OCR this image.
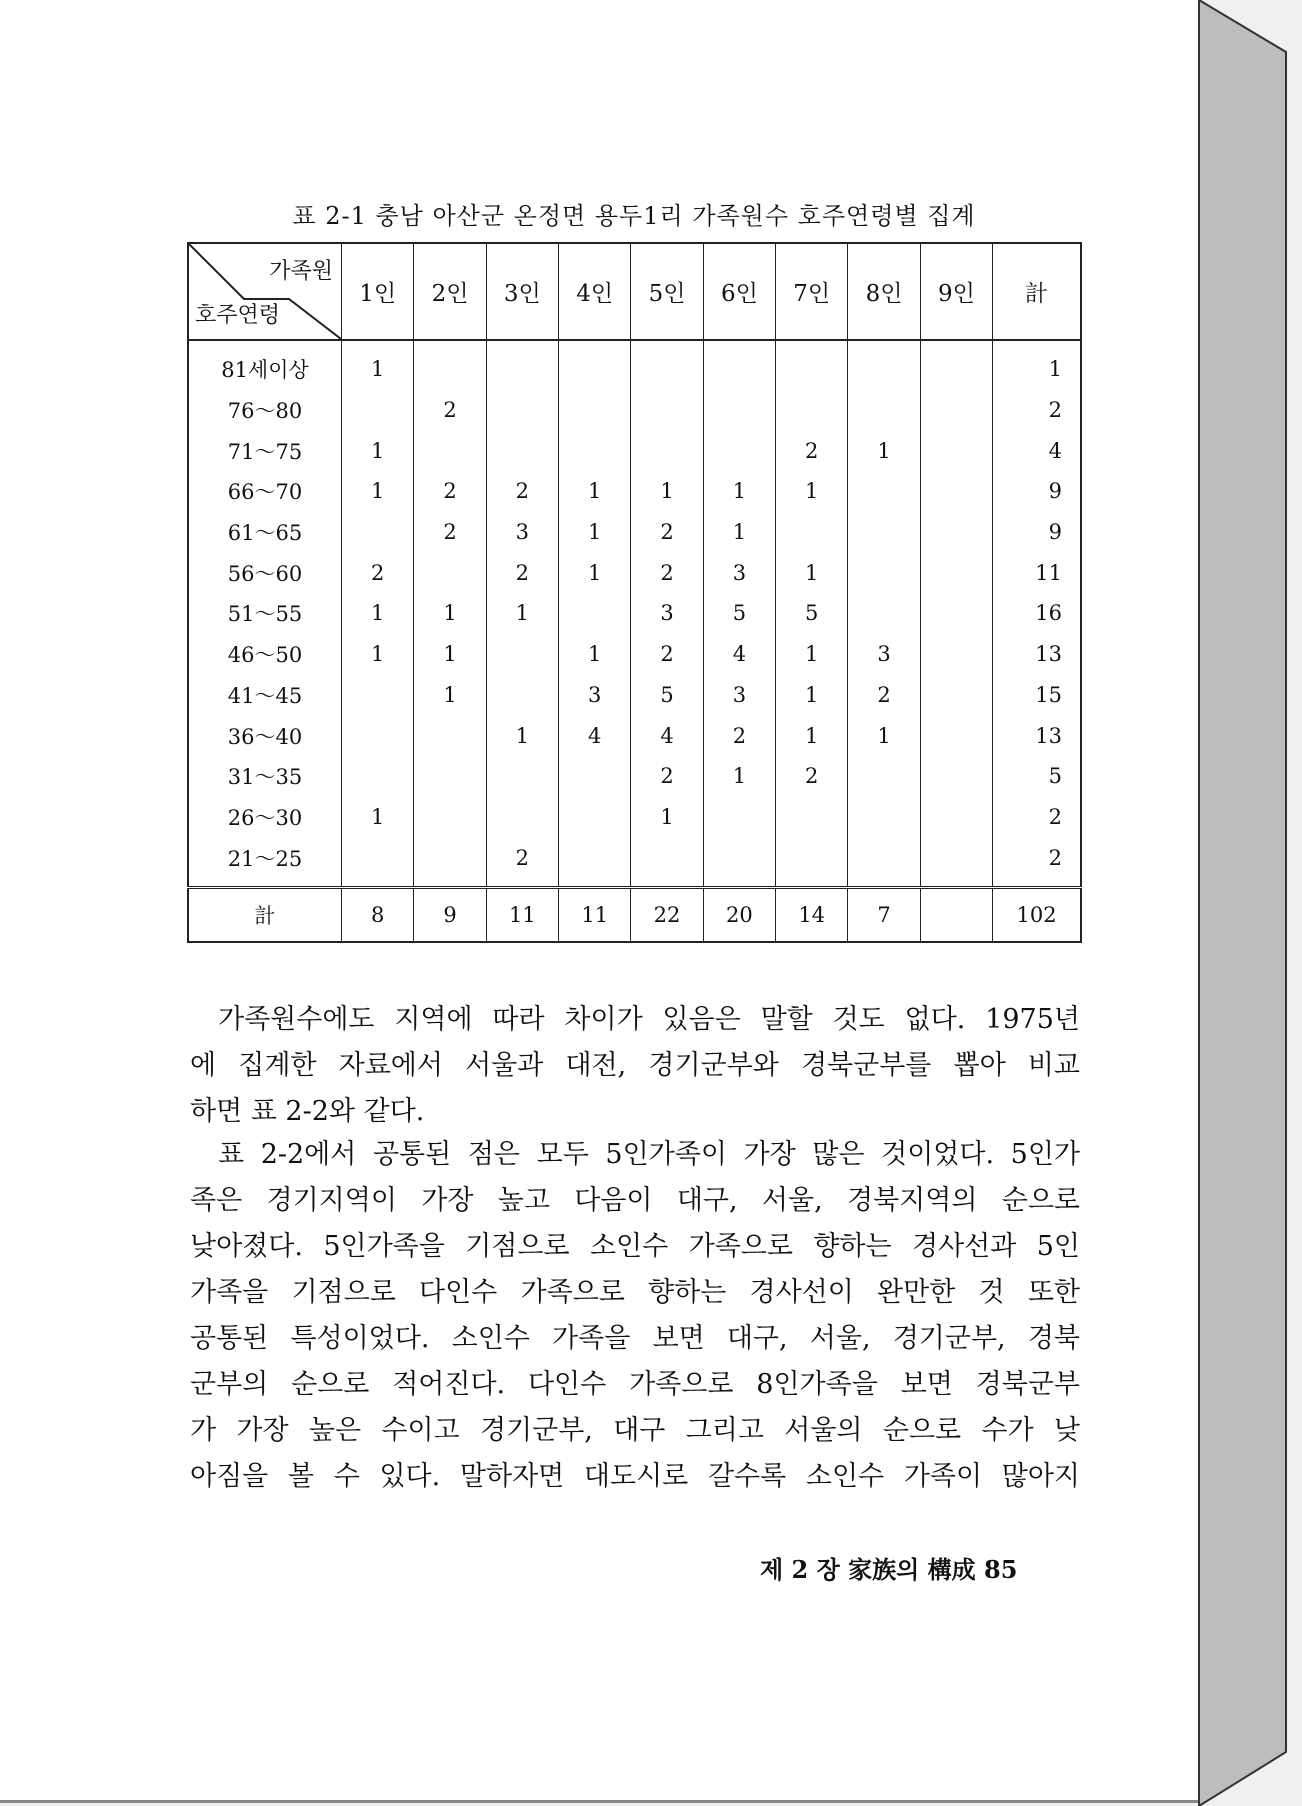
표 2-1 충남 아산군 온정면 용두1리 가족원수 호주연령별 집계
가족원
호주연령	1인	2인	3인	4인	5인	6인	7인	8인	9인	計
81세이상	1									1
76～80		2								2
71～75	1						2	1		4
66～70	1	2	2	1	1	1	1			9
61～65		2	3	1	2	1				9
56～60	2		2	1	2	3	1			11
51～55	1	1	1		3	5	5			16
46～50	1	1		1	2	4	1	3		13
41～45		1		3	5	3	1	2		15
36～40			1	4	4	2	1	1		13
31～35					2	1	2			5
26～30	1				1					2
21～25			2							2
計	8	9	11	11	22	20	14	7		102
가족원수에도 지역에 따라 차이가 있음은 말할 것도 없다. 1975년
에 집계한 자료에서 서울과 대전, 경기군부와 경북군부를 뽑아 비교
하면 표 2-2와 같다.
표 2-2에서 공통된 점은 모두 5인가족이 가장 많은 것이었다. 5인가
족은 경기지역이 가장 높고 다음이 대구, 서울, 경북지역의 순으로
낮아졌다. 5인가족을 기점으로 소인수 가족으로 향하는 경사선과 5인
가족을 기점으로 다인수 가족으로 향하는 경사선이 완만한 것 또한
공통된 특성이었다. 소인수 가족을 보면 대구, 서울, 경기군부, 경북
군부의 순으로 적어진다. 다인수 가족으로 8인가족을 보면 경북군부
가 가장 높은 수이고 경기군부, 대구 그리고 서울의 순으로 수가 낮
아짐을 볼 수 있다. 말하자면 대도시로 갈수록 소인수 가족이 많아지
제 2 장 家族의 構成 85
